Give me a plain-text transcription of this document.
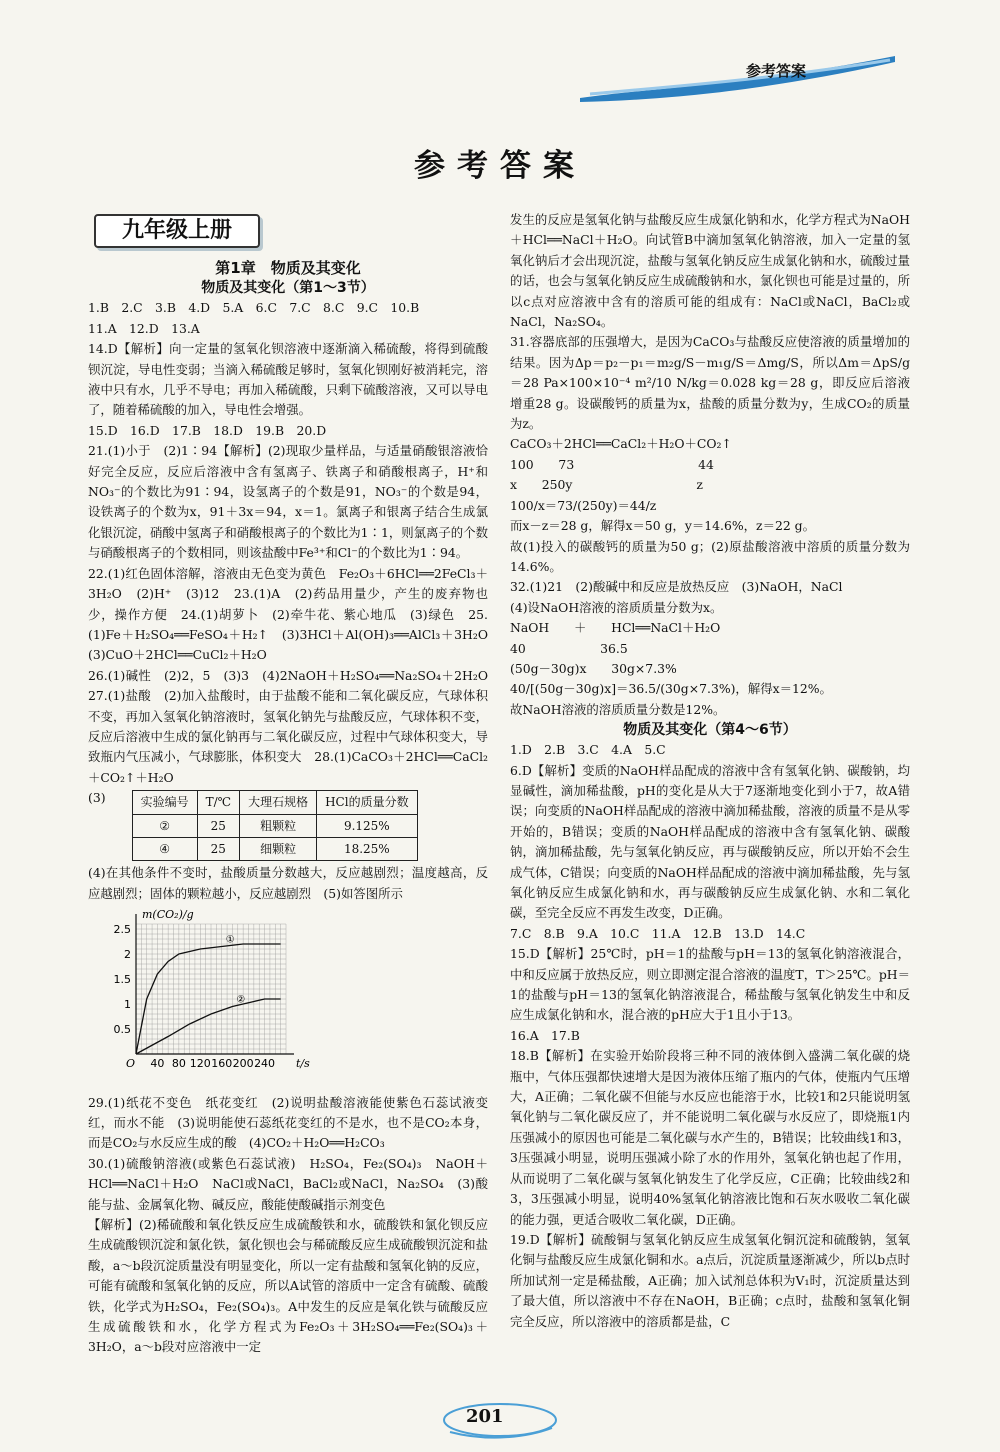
参考答案
参考答案
九年级上册
第1章　物质及其变化
物质及其变化（第1～3节）

1.B　2.C　3.B　4.D　5.A　6.C　7.C　8.C　9.C　10.B

11.A　12.D　13.A

14.D【解析】向一定量的氢氧化钡溶液中逐渐滴入稀硫酸，将得到硫酸钡沉淀，导电性变弱；当滴入稀硫酸足够时，氢氧化钡刚好被消耗完，溶液中只有水，几乎不导电；再加入稀硫酸，只剩下硫酸溶液，又可以导电了，随着稀硫酸的加入，导电性会增强。

15.D　16.D　17.B　18.D　19.B　20.D

21.(1)小于　(2)1∶94【解析】(2)现取少量样品，与适量硝酸银溶液恰好完全反应，反应后溶液中含有氢离子、铁离子和硝酸根离子，H⁺和NO₃⁻的个数比为91∶94，设氢离子的个数是91，NO₃⁻的个数是94，设铁离子的个数为x，91＋3x＝94，x＝1。氯离子和银离子结合生成氯化银沉淀，硝酸中氢离子和硝酸根离子的个数比为1∶1，则氯离子的个数与硝酸根离子的个数相同，则该盐酸中Fe³⁺和Cl⁻的个数比为1∶94。

22.(1)红色固体溶解，溶液由无色变为黄色　Fe₂O₃＋6HCl══2FeCl₃＋3H₂O　(2)H⁺　(3)12　23.(1)A　(2)药品用量少，产生的废弃物也少，操作方便　24.(1)胡萝卜　(2)牵牛花、紫心地瓜　(3)绿色　25.(1)Fe＋H₂SO₄══FeSO₄＋H₂↑　(3)3HCl＋Al(OH)₃══AlCl₃＋3H₂O　(3)CuO＋2HCl══CuCl₂＋H₂O

26.(1)碱性　(2)2，5　(3)3　(4)2NaOH＋H₂SO₄══Na₂SO₄＋2H₂O　27.(1)盐酸　(2)加入盐酸时，由于盐酸不能和二氧化碳反应，气球体积不变，再加入氢氧化钠溶液时，氢氧化钠先与盐酸反应，气球体积不变，反应后溶液中生成的氯化钠再与二氧化碳反应，过程中气球体积变大，导致瓶内气压减小，气球膨胀，体积变大　28.(1)CaCO₃＋2HCl══CaCl₂＋CO₂↑＋H₂O

(3)	实验编号	T/℃	大理石规格	HCl的质量分数
②	25	粗颗粒	9.125%
④	25	细颗粒	18.25%

(4)在其他条件不变时，盐酸质量分数越大，反应越剧烈；温度越高，反应越剧烈；固体的颗粒越小，反应越剧烈　(5)如答图所示

40 80 120 160 200 240
0.5
1
1.5
2
2.5
O	t/s
m(CO₂)/g
①
②

29.(1)纸花不变色　纸花变红　(2)说明盐酸溶液能使紫色石蕊试液变红，而水不能　(3)说明能使石蕊纸花变红的不是水，也不是CO₂本身，而是CO₂与水反应生成的酸　(4)CO₂＋H₂O══H₂CO₃

30.(1)硫酸钠溶液(或紫色石蕊试液)　H₂SO₄，Fe₂(SO₄)₃　NaOH＋HCl══NaCl＋H₂O　NaCl或NaCl，BaCl₂或NaCl，Na₂SO₄　(3)酸能与盐、金属氧化物、碱反应，酸能使酸碱指示剂变色

【解析】(2)稀硫酸和氧化铁反应生成硫酸铁和水，硫酸铁和氯化钡反应生成硫酸钡沉淀和氯化铁，氯化钡也会与稀硫酸反应生成硫酸钡沉淀和盐酸，a～b段沉淀质量没有明显变化，所以一定有盐酸和氢氧化钠的反应，可能有硫酸和氢氧化钠的反应，所以A试管的溶质中一定含有硫酸、硫酸铁，化学式为H₂SO₄，Fe₂(SO₄)₃。A中发生的反应是氧化铁与硫酸反应生成硫酸铁和水，化学方程式为Fe₂O₃＋3H₂SO₄══Fe₂(SO₄)₃＋3H₂O，a～b段对应溶液中一定

发生的反应是氢氧化钠与盐酸反应生成氯化钠和水，化学方程式为NaOH＋HCl══NaCl＋H₂O。向试管B中滴加氢氧化钠溶液，加入一定量的氢氧化钠后才会出现沉淀，盐酸与氢氧化钠反应生成氯化钠和水，硫酸过量的话，也会与氢氧化钠反应生成硫酸钠和水，氯化钡也可能是过量的，所以c点对应溶液中含有的溶质可能的组成有：NaCl或NaCl，BaCl₂或NaCl，Na₂SO₄。

31.容器底部的压强增大，是因为CaCO₃与盐酸反应使溶液的质量增加的结果。因为Δp＝p₂－p₁＝m₂g/S－m₁g/S＝Δmg/S，所以Δm＝ΔpS/g＝28 Pa×100×10⁻⁴ m²/10 N/kg＝0.028 kg＝28 g，即反应后溶液增重28 g。设碳酸钙的质量为x，盐酸的质量分数为y，生成CO₂的质量为z。

CaCO₃＋2HCl══CaCl₂＋H₂O＋CO₂↑

100　　73　　　　　　　　　　44

x　　250y　　　　　　　　　　z

100/x＝73/(250y)＝44/z

而x－z＝28 g，解得x＝50 g，y＝14.6%，z＝22 g。

故(1)投入的碳酸钙的质量为50 g；(2)原盐酸溶液中溶质的质量分数为14.6%。

32.(1)21　(2)酸碱中和反应是放热反应　(3)NaOH，NaCl

(4)设NaOH溶液的溶质质量分数为x。

NaOH　　＋　　HCl══NaCl＋H₂O

40　　　　　　36.5

(50g－30g)x　　30g×7.3%

40/[(50g－30g)x]＝36.5/(30g×7.3%)，解得x＝12%。

故NaOH溶液的溶质质量分数是12%。

物质及其变化（第4～6节）

1.D　2.B　3.C　4.A　5.C

6.D【解析】变质的NaOH样品配成的溶液中含有氢氧化钠、碳酸钠，均显碱性，滴加稀盐酸，pH的变化是从大于7逐渐地变化到小于7，故A错误；向变质的NaOH样品配成的溶液中滴加稀盐酸，溶液的质量不是从零开始的，B错误；变质的NaOH样品配成的溶液中含有氢氧化钠、碳酸钠，滴加稀盐酸，先与氢氧化钠反应，再与碳酸钠反应，所以开始不会生成气体，C错误；向变质的NaOH样品配成的溶液中滴加稀盐酸，先与氢氧化钠反应生成氯化钠和水，再与碳酸钠反应生成氯化钠、水和二氧化碳，至完全反应不再发生改变，D正确。

7.C　8.B　9.A　10.C　11.A　12.B　13.D　14.C

15.D【解析】25℃时，pH＝1的盐酸与pH＝13的氢氧化钠溶液混合，中和反应属于放热反应，则立即测定混合溶液的温度T，T＞25℃。pH＝1的盐酸与pH＝13的氢氧化钠溶液混合，稀盐酸与氢氧化钠发生中和反应生成氯化钠和水，混合液的pH应大于1且小于13。

16.A　17.B

18.B【解析】在实验开始阶段将三种不同的液体倒入盛满二氧化碳的烧瓶中，气体压强都快速增大是因为液体压缩了瓶内的气体，使瓶内气压增大，A正确；二氧化碳不但能与水反应也能溶于水，比较1和2只能说明氢氧化钠与二氧化碳反应了，并不能说明二氧化碳与水反应了，即烧瓶1内压强减小的原因也可能是二氧化碳与水产生的，B错误；比较曲线1和3，3压强减小明显，说明压强减小除了水的作用外，氢氧化钠也起了作用，从而说明了二氧化碳与氢氧化钠发生了化学反应，C正确；比较曲线2和3，3压强减小明显，说明40%氢氧化钠溶液比饱和石灰水吸收二氧化碳的能力强，更适合吸收二氧化碳，D正确。

19.D【解析】硫酸铜与氢氧化钠反应生成氢氧化铜沉淀和硫酸钠，氢氧化铜与盐酸反应生成氯化铜和水。a点后，沉淀质量逐渐减少，所以b点时所加试剂一定是稀盐酸，A正确；加入试剂总体积为V₁时，沉淀质量达到了最大值，所以溶液中不存在NaOH，B正确；c点时，盐酸和氢氧化铜完全反应，所以溶液中的溶质都是盐，C

201
